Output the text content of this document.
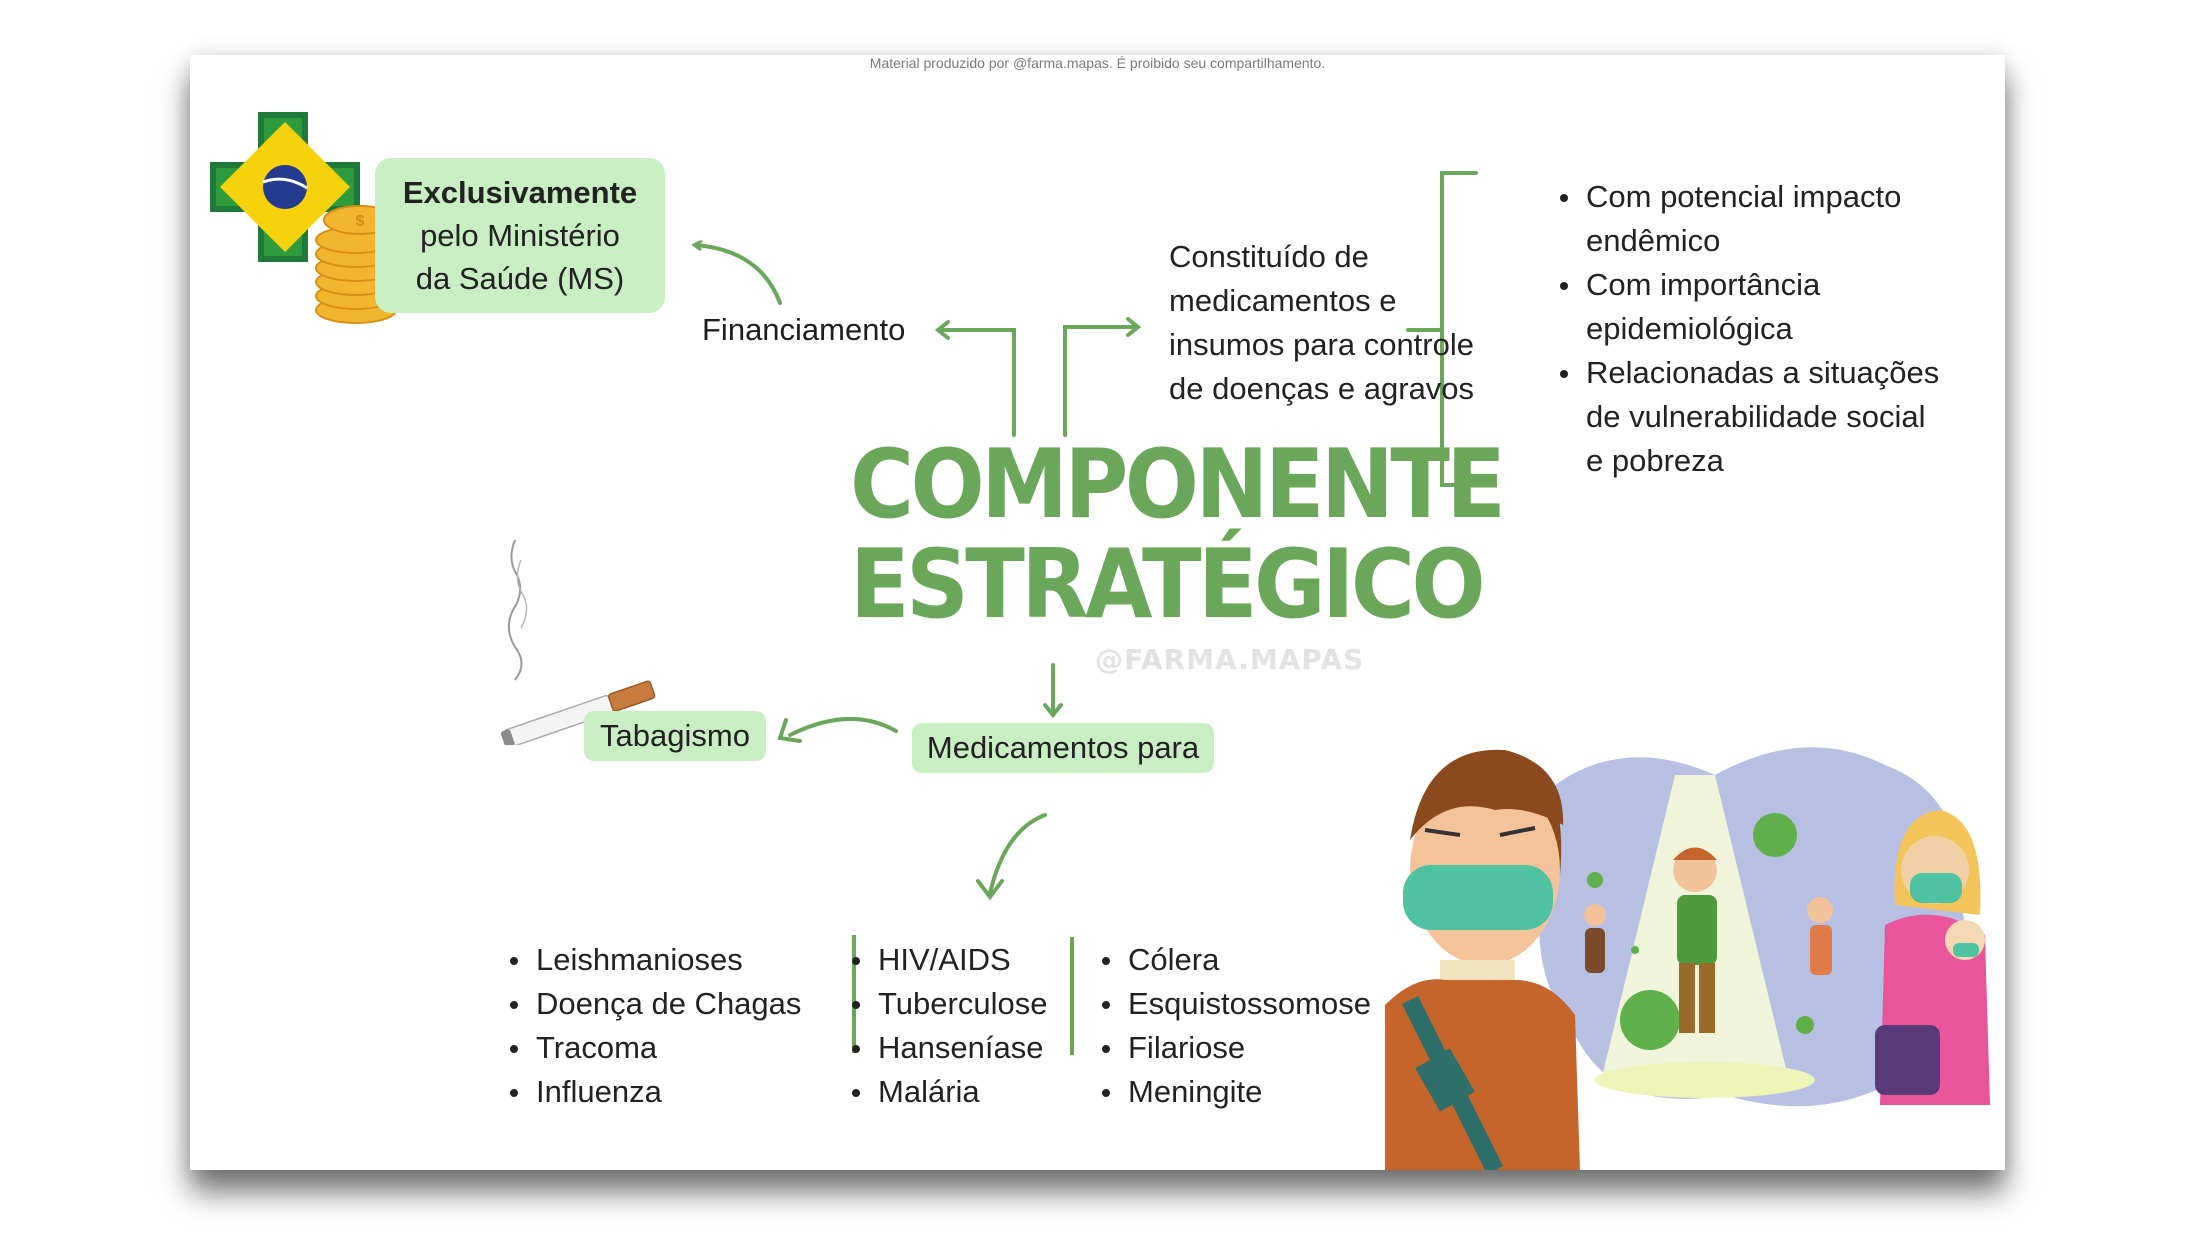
Material produzido por @farma.mapas. É proibido seu compartilhamento.
$
Exclusivamente
pelo Ministério
da Saúde (MS)
Financiamento
Constituído de
medicamentos e
insumos para controle
de doenças e agravos
Com potencial impacto
endêmico
Com importância
epidemiológica
Relacionadas a situações
de vulnerabilidade social
e pobreza
COMPONENTE
ESTRATÉGICO
@FARMA.MAPAS
Tabagismo	Medicamentos para
Leishmanioses
Doença de Chagas
Tracoma
Influenza
HIV/AIDS
Tuberculose
Hanseníase
Malária
Cólera
Esquistossomose
Filariose
Meningite
